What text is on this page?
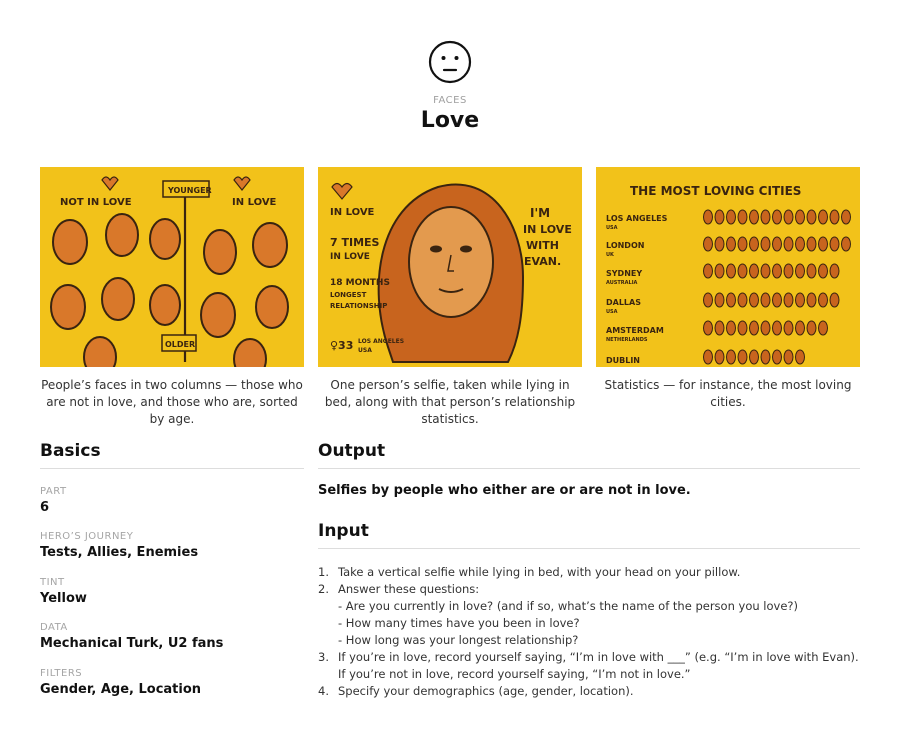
FACES
Love
NOT IN LOVE
YOUNGER
IN LOVE
OLDER
People’s faces in two columns — those who are not in love, and those who are, sorted by age.
IN LOVE
7 TIMES
IN LOVE
18 MONTHS
LONGEST
RELATIONSHIP
♀33 LOS ANGELES
USA
I'M
IN LOVE
WITH
EVAN.
One person’s selfie, taken while lying in bed, along with that person’s relationship statistics.
THE MOST LOVING CITIES
LOS ANGELES
USA
LONDON
UK
SYDNEY
AUSTRALIA
DALLAS
USA
AMSTERDAM
NETHERLANDS
DUBLIN
Statistics — for instance, the most loving cities.
Basics
PART
6
HERO’S JOURNEY
Tests, Allies, Enemies
TINT
Yellow
DATA
Mechanical Turk, U2 fans
FILTERS
Gender, Age, Location
Output
Selfies by people who either are or are not in love.
Input
1. Take a vertical selfie while lying in bed, with your head on your pillow.
2. Answer these questions:
- Are you currently in love? (and if so, what’s the name of the person you love?)
- How many times have you been in love?
- How long was your longest relationship?
3. If you’re in love, record yourself saying, “I’m in love with ___” (e.g. “I’m in love with Evan).
If you’re not in love, record yourself saying, “I’m not in love.”
4. Specify your demographics (age, gender, location).
